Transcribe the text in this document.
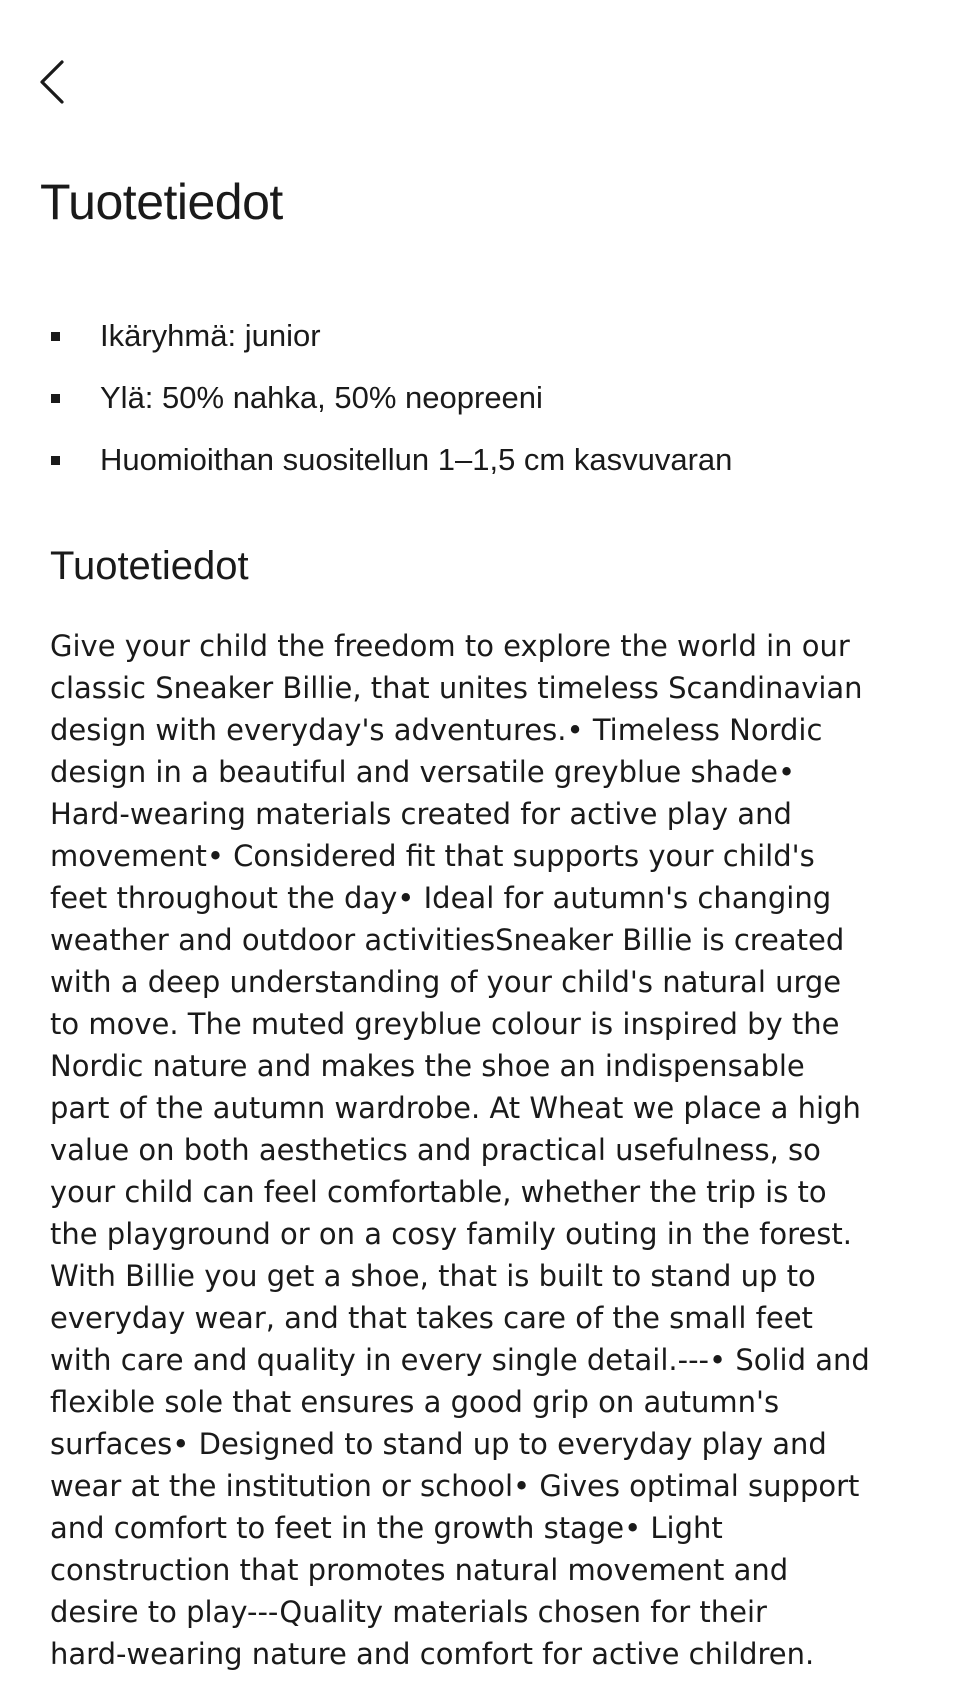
Tuotetiedot
Ikäryhmä: junior
Ylä: 50% nahka, 50% neopreeni
Huomioithan suositellun 1–1,5 cm kasvuvaran
Tuotetiedot
Give your child the freedom to explore the world in our
classic Sneaker Billie, that unites timeless Scandinavian
design with everyday's adventures.• Timeless Nordic
design in a beautiful and versatile greyblue shade•
Hard-wearing materials created for active play and
movement• Considered fit that supports your child's
feet throughout the day• Ideal for autumn's changing
weather and outdoor activitiesSneaker Billie is created
with a deep understanding of your child's natural urge
to move. The muted greyblue colour is inspired by the
Nordic nature and makes the shoe an indispensable
part of the autumn wardrobe. At Wheat we place a high
value on both aesthetics and practical usefulness, so
your child can feel comfortable, whether the trip is to
the playground or on a cosy family outing in the forest.
With Billie you get a shoe, that is built to stand up to
everyday wear, and that takes care of the small feet
with care and quality in every single detail.---• Solid and
flexible sole that ensures a good grip on autumn's
surfaces• Designed to stand up to everyday play and
wear at the institution or school• Gives optimal support
and comfort to feet in the growth stage• Light
construction that promotes natural movement and
desire to play---Quality materials chosen for their
hard-wearing nature and comfort for active children.
